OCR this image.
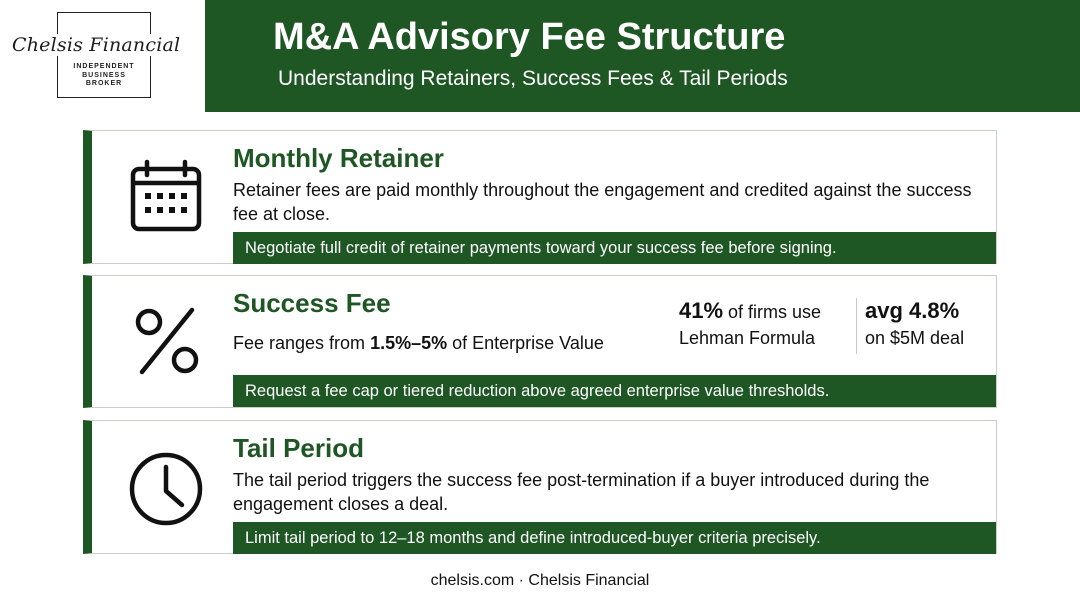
Chelsis Financial
INDEPENDENT
BUSINESS
BROKER
M&A Advisory Fee Structure
Understanding Retainers, Success Fees & Tail Periods
Monthly Retainer
Retainer fees are paid monthly throughout the engagement and credited against the success fee at close.
Negotiate full credit of retainer payments toward your success fee before signing.
Success Fee
Fee ranges from 1.5%–5% of Enterprise Value
41% of firms use
Lehman Formula
avg 4.8%
on $5M deal
Request a fee cap or tiered reduction above agreed enterprise value thresholds.
Tail Period
The tail period triggers the success fee post-termination if a buyer introduced during the engagement closes a deal.
Limit tail period to 12–18 months and define introduced-buyer criteria precisely.
chelsis.com · Chelsis Financial
